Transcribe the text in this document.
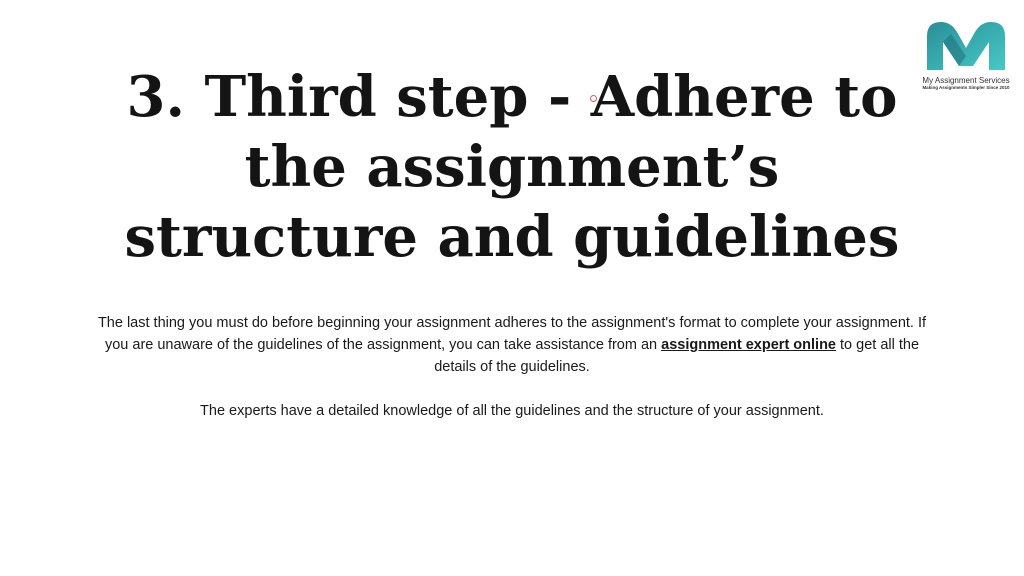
My Assignment Services
Making Assignments Simpler Since 2010
3. Third step - Adhere to
the assignment’s
structure and guidelines

The last thing you must do before beginning your assignment adheres to the assignment's format to complete your assignment. If you are unaware of the guidelines of the assignment, you can take assistance from an assignment expert online to get all the details of the guidelines.

The experts have a detailed knowledge of all the guidelines and the structure of your assignment.
